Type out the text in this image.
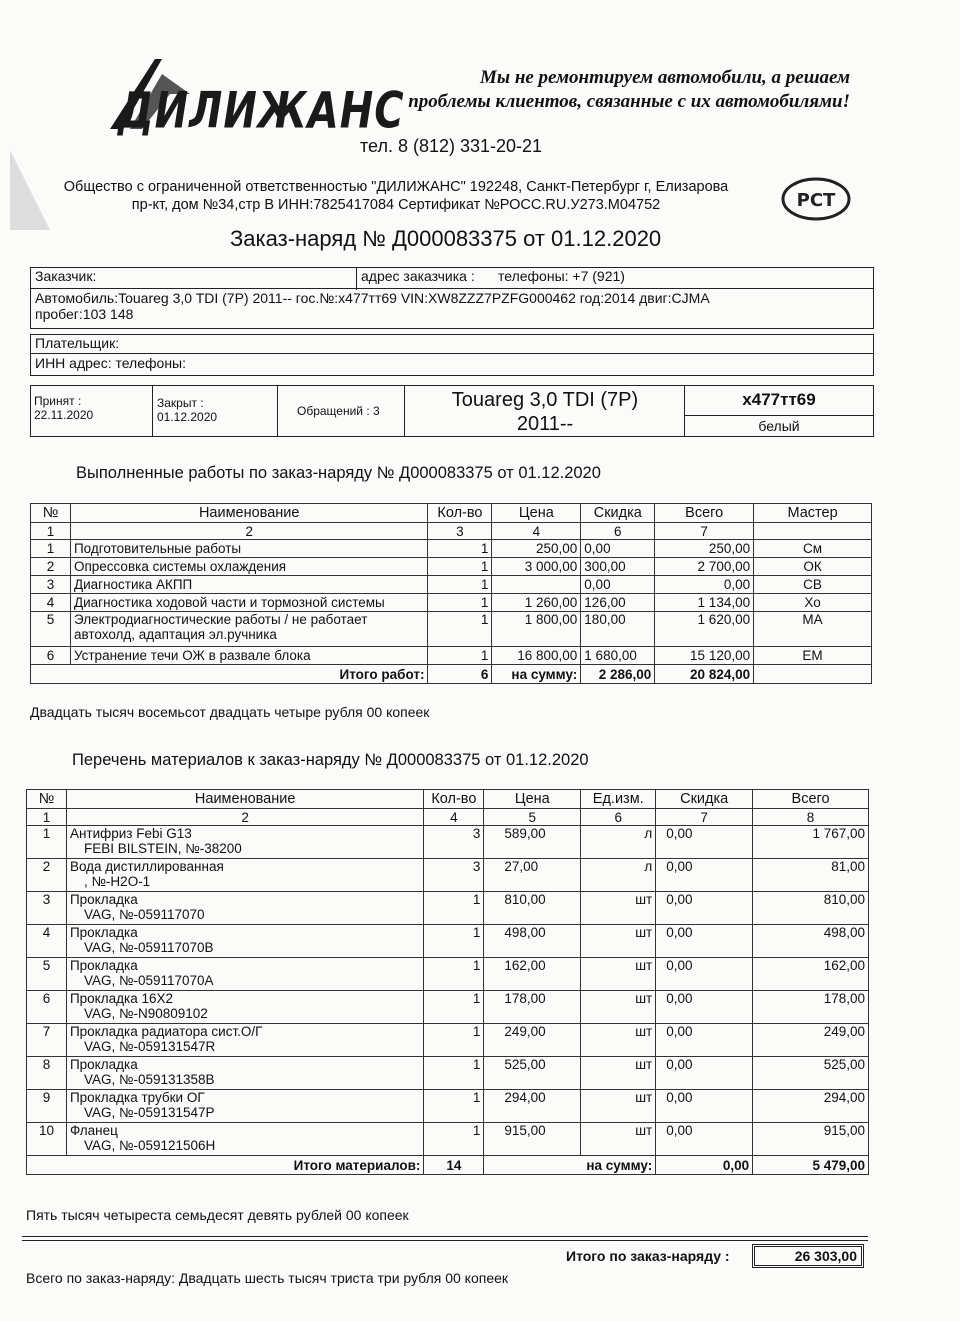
ДИЛИЖАНС
Мы не ремонтируем автомобили, а решаем
проблемы клиентов, связанные с их автомобилями!
тел. 8 (812) 331-20-21
Общество с ограниченной ответственностью "ДИЛИЖАНС" 192248, Санкт-Петербург г, Елизарова
пр-кт, дом №34,стр В ИНН:7825417084 Сертификат №РОСС.RU.У273.М04752	РСТ
Заказ-наряд № Д000083375 от 01.12.2020
Заказчик:	адрес заказчика : телефоны: +7 (921)
Автомобиль:Touareg 3,0 TDI (7P) 2011-- гос.№:х477тт69 VIN:XW8ZZZ7PZFG000462 год:2014 двиг:CJMA
пробег:103 148
Плательщик:
ИНН адрес: телефоны:
Принят :
22.11.2020
Закрыт :
01.12.2020	Обращений : 3	Touareg 3,0 TDI (7P)
2011--
х477тт69
белый
Выполненные работы по заказ-наряду № Д000083375 от 01.12.2020
№	Наименование	Кол-во	Цена	Скидка	Всего	Мастер
1	2	3	4	6	7	
1	Подготовительные работы	1	250,00	0,00	250,00	См
2	Опрессовка системы охлаждения	1	3 000,00	300,00	2 700,00	ОК
3	Диагностика АКПП	1		0,00	0,00	СВ
4	Диагностика ходовой части и тормозной системы	1	1 260,00	126,00	1 134,00	Хо
5	Электродиагностические работы / не работает автохолд, адаптация эл.ручника	1	1 800,00	180,00	1 620,00	МА
6	Устранение течи ОЖ в развале блока	1	16 800,00	1 680,00	15 120,00	ЕМ
Итого работ:		6	на сумму:	2 286,00	20 824,00	
Двадцать тысяч восемьсот двадцать четыре рубля 00 копеек
Перечень материалов к заказ-наряду № Д000083375 от 01.12.2020
№	Наименование	Кол-во	Цена	Ед.изм.	Скидка	Всего
1	2	4	5	6	7	8
1	Антифриз Febi G13
FEBI BILSTEIN, №-38200	3	589,00	л	0,00	1 767,00
2	Вода дистиллированная
, №-H2O-1	3	27,00	л	0,00	81,00
3	Прокладка
VAG, №-059117070	1	810,00	шт	0,00	810,00
4	Прокладка
VAG, №-059117070B	1	498,00	шт	0,00	498,00
5	Прокладка
VAG, №-059117070A	1	162,00	шт	0,00	162,00
6	Прокладка 16X2
VAG, №-N90809102	1	178,00	шт	0,00	178,00
7	Прокладка радиатора сист.О/Г
VAG, №-059131547R	1	249,00	шт	0,00	249,00
8	Прокладка
VAG, №-059131358B	1	525,00	шт	0,00	525,00
9	Прокладка трубки ОГ
VAG, №-059131547P	1	294,00	шт	0,00	294,00
10	Фланец
VAG, №-059121506H	1	915,00	шт	0,00	915,00
Итого материалов:		14	на сумму:		0,00	5 479,00
Пять тысяч четыреста семьдесят девять рублей 00 копеек
Итого по заказ-наряду :	26 303,00
Всего по заказ-наряду: Двадцать шесть тысяч триста три рубля 00 копеек
